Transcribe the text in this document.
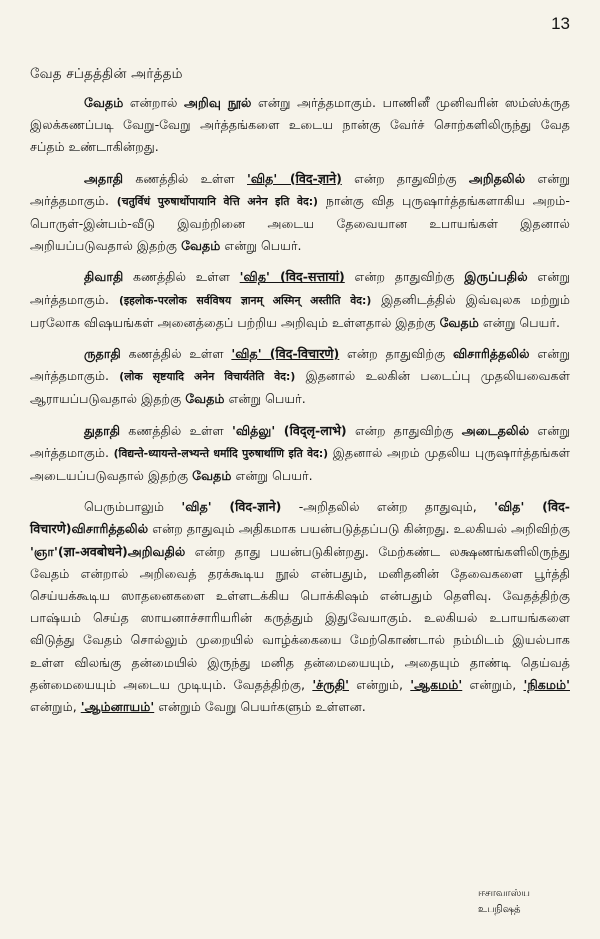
13
வேத சப்தத்தின் அர்த்தம்

வேதம் என்றால் அறிவு நூல் என்று அர்த்தமாகும். பாணினீ முனிவரின் ஸம்ஸ்க்ருத இலக்கணப்படி வேறு-வேறு அர்த்தங்களை உடைய நான்கு வேர்ச் சொற்களிலிருந்து வேத சப்தம் உண்டாகின்றது.

அதாதி கணத்தில் உள்ள 'வித' (विद-ज्ञाने) என்ற தாதுவிற்கு அறிதலில் என்று அர்த்தமாகும். (चतुर्विधं पुरुषार्थोपायानि वेत्ति अनेन इति वेद:) நான்கு வித புருஷார்த்தங்களாகிய அறம்-பொருள்-இன்பம்-வீடு இவற்றினை அடைய தேவையான உபாயங்கள் இதனால் அறியப்படுவதால் இதற்கு வேதம் என்று பெயர்.

திவாதி கணத்தில் உள்ள 'வித' (विद-सत्तायां) என்ற தாதுவிற்கு இருப்பதில் என்று அர்த்தமாகும். (इहलोक-परलोक सर्वविषय ज्ञानम् अस्मिन् अस्तीति वेद:) இதனிடத்தில் இவ்வுலக மற்றும் பரலோக விஷயங்கள் அனைத்தைப் பற்றிய அறிவும் உள்ளதால் இதற்கு வேதம் என்று பெயர்.

ருதாதி கணத்தில் உள்ள 'வித' (विद-विचारणे) என்ற தாதுவிற்கு விசாரித்தலில் என்று அர்த்தமாகும். (लोक सृष्टयादि अनेन विचार्यतेति वेद:) இதனால் உலகின் படைப்பு முதலியவைகள் ஆராயப்படுவதால் இதற்கு வேதம் என்று பெயர்.

துதாதி கணத்தில் உள்ள 'வித்லு' (विद्लृ-लाभे) என்ற தாதுவிற்கு அடைதலில் என்று அர்த்தமாகும். (विद्यन्ते-ध्यायन्ते-लभ्यन्ते धर्मादि पुरुषार्थाणि इति वेद:) இதனால் அறம் முதலிய புருஷார்த்தங்கள் அடையப்படுவதால் இதற்கு வேதம் என்று பெயர்.

பெரும்பாலும் 'வித' (विद-ज्ञाने) -அறிதலில் என்ற தாதுவும், 'வித' (विद-विचारणे)விசாரித்தலில் என்ற தாதுவும் அதிகமாக பயன்படுத்தப்படு கின்றது. உலகியல் அறிவிற்கு 'ஞா'(ज्ञा-अवबोधने)அறிவதில் என்ற தாது பயன்படுகின்றது. மேற்கண்ட லக்ஷணங்களிலிருந்து வேதம் என்றால் அறிவைத் தரக்கூடிய நூல் என்பதும், மனிதனின் தேவைகளை பூர்த்தி செய்யக்கூடிய ஸாதனைகளை உள்ளடக்கிய பொக்கிஷம் என்பதும் தெளிவு. வேதத்திற்கு பாஷ்யம் செய்த ஸாயனாச்சாரியரின் கருத்தும் இதுவேயாகும். உலகியல் உபாயங்களை விடுத்து வேதம் சொல்லும் முறையில் வாழ்க்கையை மேற்கொண்டால் நம்மிடம் இயல்பாக உள்ள விலங்கு தன்மையில் இருந்து மனித தன்மையையும், அதையும் தாண்டி தெய்வத் தன்மையையும் அடைய முடியும். வேதத்திற்கு, 'ச்ருதி' என்றும், 'ஆகமம்' என்றும், 'நிகமம்' என்றும், 'ஆம்னாயம்' என்றும் வேறு பெயர்களும் உள்ளன.

ஈசாவாஸ்ய
உபநிஷத்
